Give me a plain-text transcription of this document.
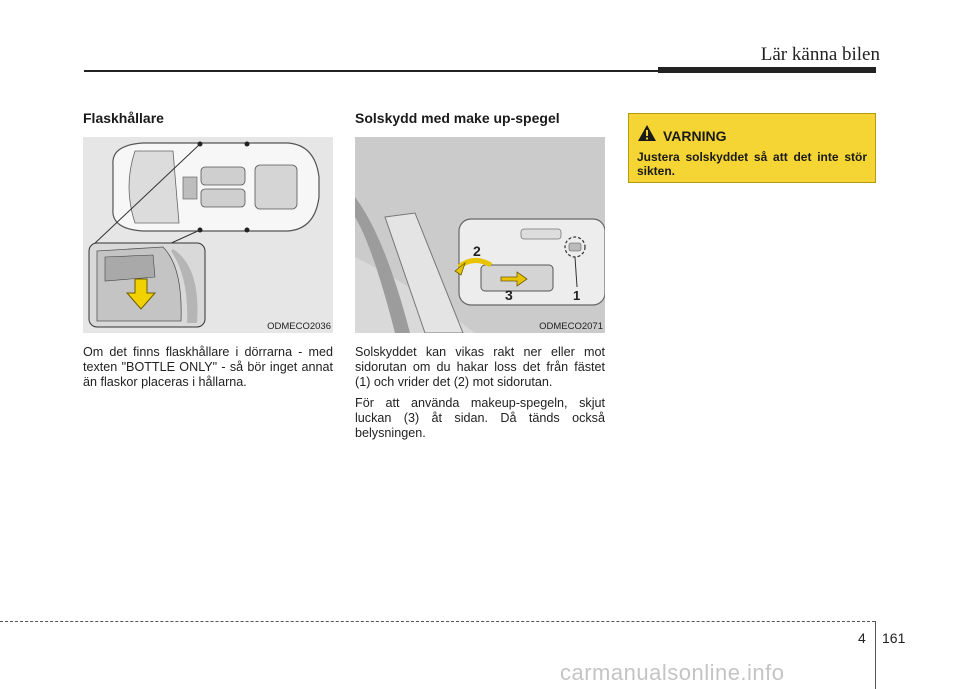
Lär känna bilen
Flaskhållare
ODMECO2036

Om det finns flaskhållare i dörrarna - med texten "BOTTLE ONLY" - så bör inget annat än flaskor placeras i hållarna.

Solskydd med make up-spegel
2
3	1
ODMECO2071

Solskyddet kan vikas rakt ner eller mot sidorutan om du hakar loss det från fästet (1) och vrider det (2) mot sidorutan.

För att använda makeup-spegeln, skjut luckan (3) åt sidan. Då tänds också belysningen.

VARNING
Justera solskyddet så att det inte stör sikten.
4 161
carmanualsonline.info
